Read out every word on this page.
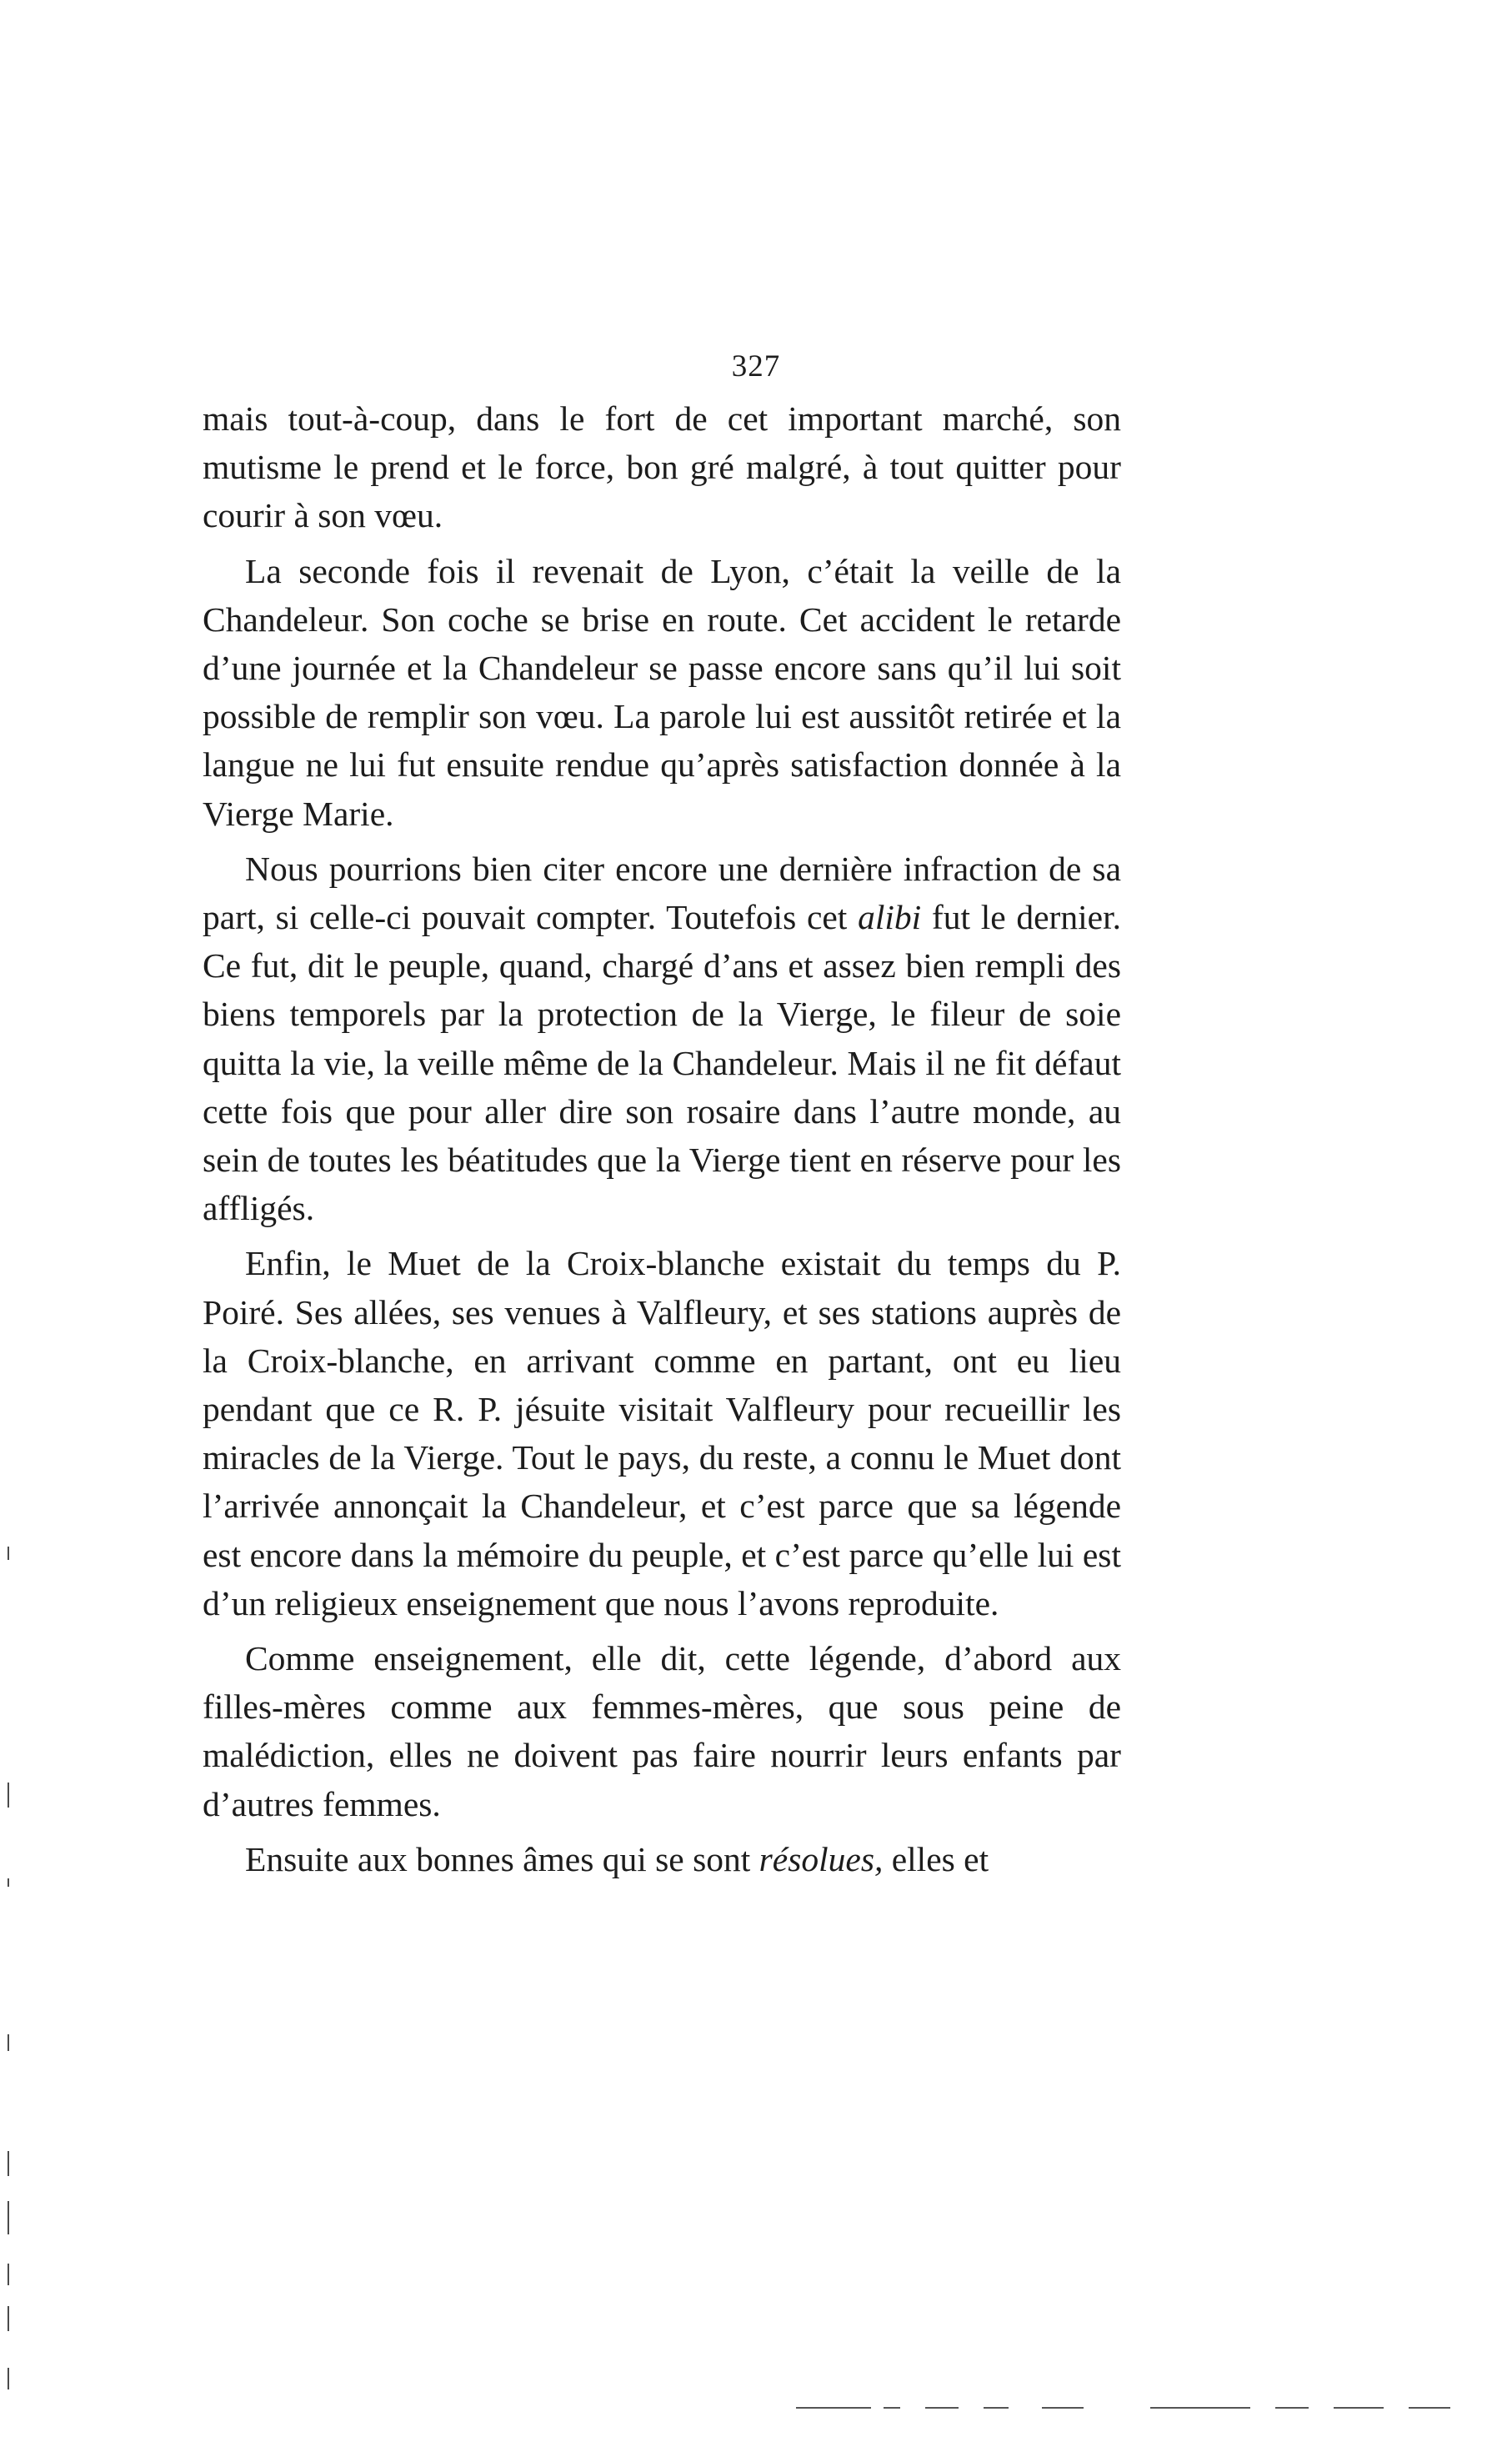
327

mais tout-à-coup, dans le fort de cet important marché, son mutisme le prend et le force, bon gré malgré, à tout quitter pour courir à son vœu.

La seconde fois il revenait de Lyon, c’était la veille de la Chandeleur. Son coche se brise en route. Cet accident le retarde d’une journée et la Chandeleur se passe encore sans qu’il lui soit possible de remplir son vœu. La parole lui est aussitôt retirée et la langue ne lui fut ensuite rendue qu’après satisfaction donnée à la Vierge Marie.

Nous pourrions bien citer encore une dernière infraction de sa part, si celle-ci pouvait compter. Toutefois cet alibi fut le dernier. Ce fut, dit le peuple, quand, chargé d’ans et assez bien rempli des biens temporels par la protection de la Vierge, le fileur de soie quitta la vie, la veille même de la Chandeleur. Mais il ne fit défaut cette fois que pour aller dire son rosaire dans l’autre monde, au sein de toutes les béatitudes que la Vierge tient en réserve pour les affligés.

Enfin, le Muet de la Croix-blanche existait du temps du P. Poiré. Ses allées, ses venues à Valfleury, et ses stations auprès de la Croix-blanche, en arrivant comme en partant, ont eu lieu pendant que ce R. P. jésuite visitait Valfleury pour recueillir les miracles de la Vierge. Tout le pays, du reste, a connu le Muet dont l’arrivée annonçait la Chandeleur, et c’est parce que sa légende est encore dans la mémoire du peuple, et c’est parce qu’elle lui est d’un religieux enseignement que nous l’avons reproduite.

Comme enseignement, elle dit, cette légende, d’abord aux filles-mères comme aux femmes-mères, que sous peine de malédiction, elles ne doivent pas faire nourrir leurs enfants par d’autres femmes.

Ensuite aux bonnes âmes qui se sont résolues, elles et
